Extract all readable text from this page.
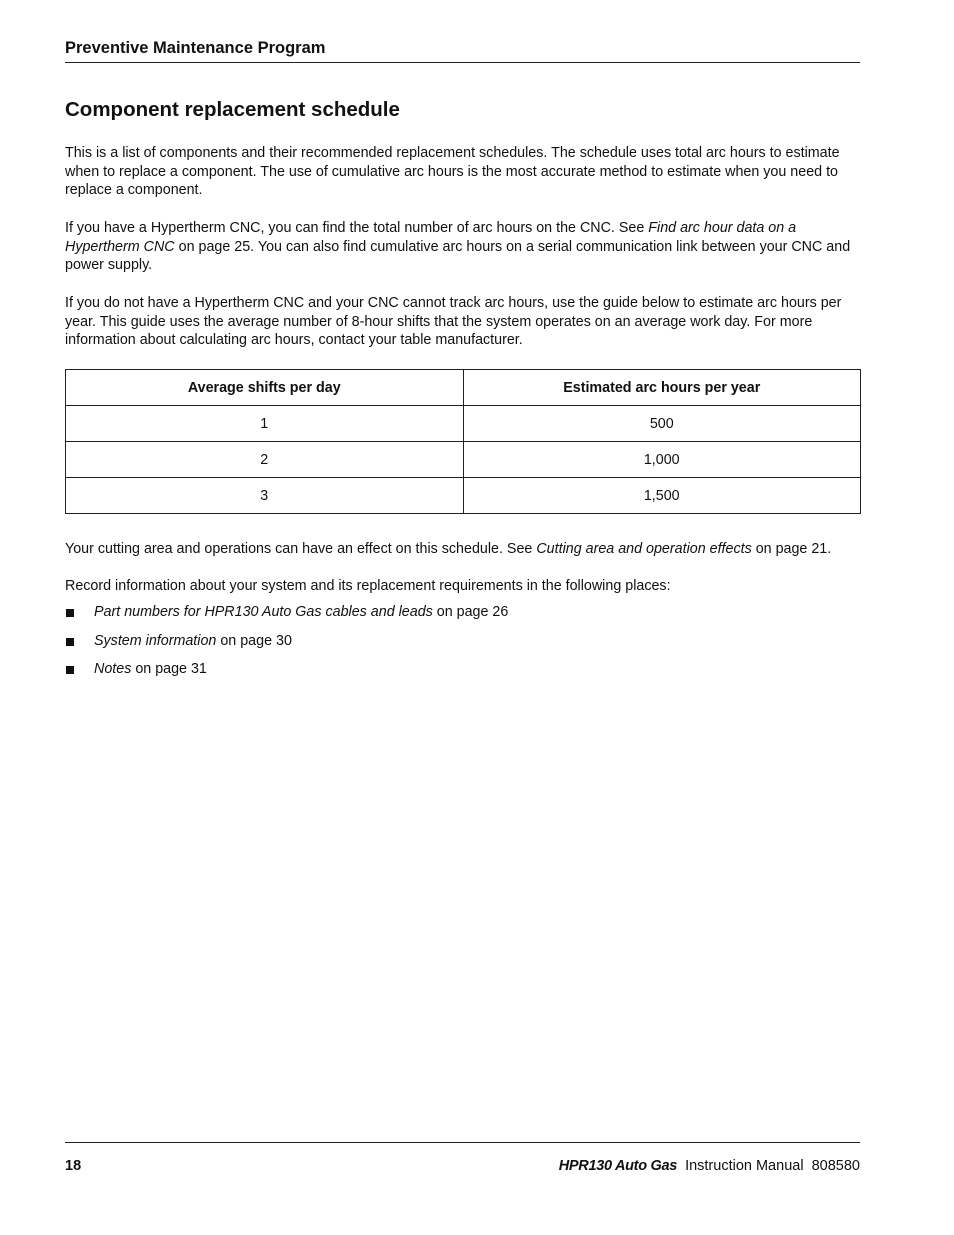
Preventive Maintenance Program
Component replacement schedule

This is a list of components and their recommended replacement schedules. The schedule uses total arc hours to estimate when to replace a component. The use of cumulative arc hours is the most accurate method to estimate when you need to replace a component.

If you have a Hypertherm CNC, you can find the total number of arc hours on the CNC. See Find arc hour data on a Hypertherm CNC on page 25. You can also find cumulative arc hours on a serial communication link between your CNC and power supply.

If you do not have a Hypertherm CNC and your CNC cannot track arc hours, use the guide below to estimate arc hours per year. This guide uses the average number of 8-hour shifts that the system operates on an average work day. For more information about calculating arc hours, contact your table manufacturer.

Average shifts per day	Estimated arc hours per year
1	500
2	1,000
3	1,500

Your cutting area and operations can have an effect on this schedule. See Cutting area and operation effects on page 21.

Record information about your system and its replacement requirements in the following places:

Part numbers for HPR130 Auto Gas cables and leads on page 26
System information on page 30
Notes on page 31
18	HPR130 Auto Gas Instruction Manual 808580
